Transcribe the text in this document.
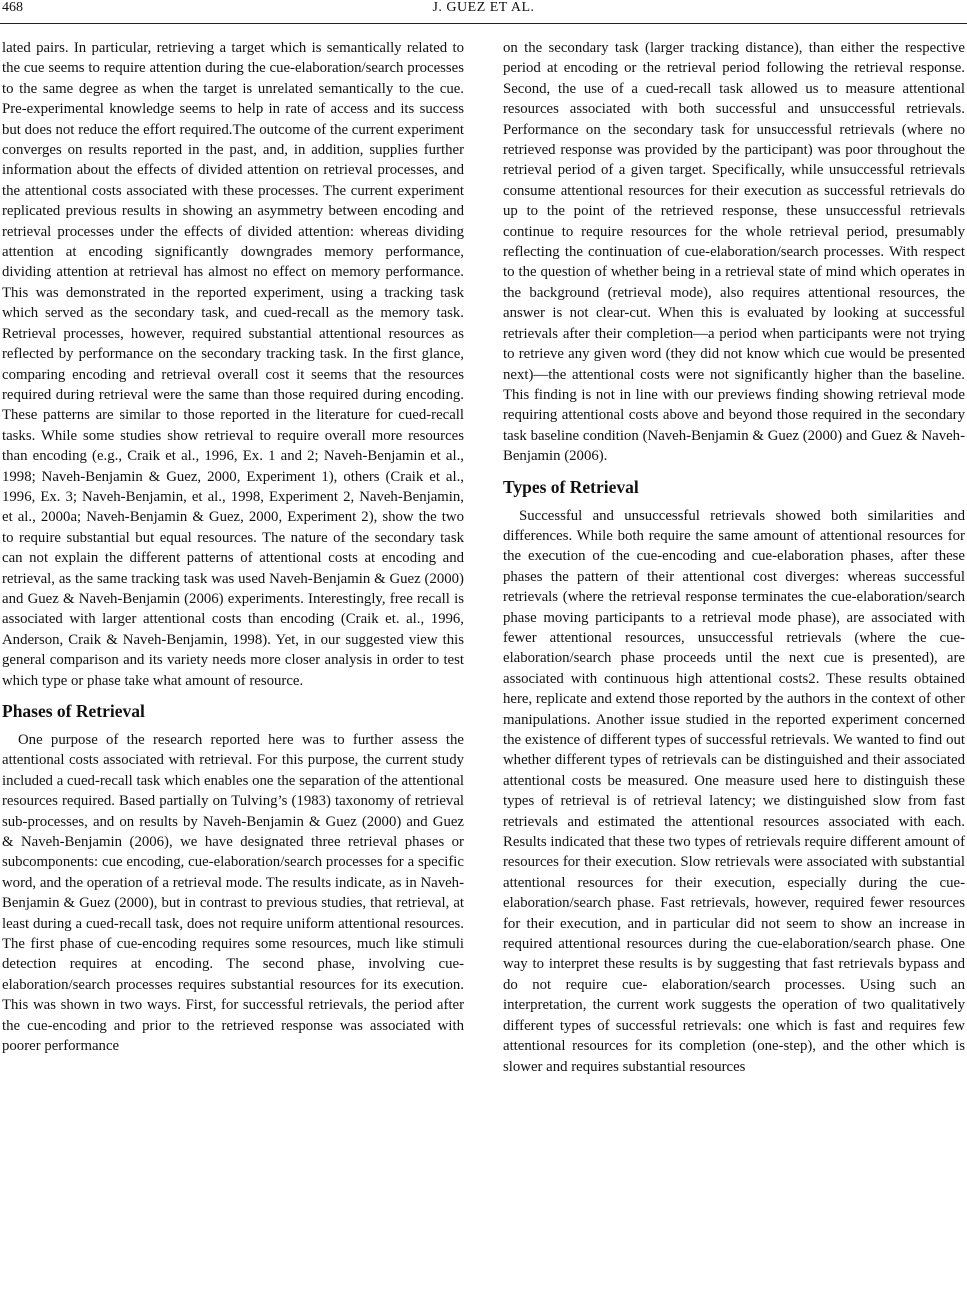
468	J. GUEZ ET AL.

lated pairs. In particular, retrieving a target which is semantically related to the cue seems to require attention during the cue-elaboration/search processes to the same degree as when the target is unrelated semantically to the cue. Pre-experimental knowledge seems to help in rate of access and its success but does not reduce the effort required.The outcome of the current experiment converges on results reported in the past, and, in addition, supplies further information about the effects of divided attention on retrieval processes, and the attentional costs associated with these processes. The current experiment replicated previous results in showing an asymmetry between encoding and retrieval processes under the effects of divided attention: whereas dividing attention at encoding significantly downgrades memory performance, dividing attention at retrieval has almost no effect on memory performance. This was demonstrated in the reported experiment, using a tracking task which served as the secondary task, and cued-recall as the memory task. Retrieval processes, however, required substantial attentional resources as reflected by performance on the secondary tracking task. In the first glance, comparing encoding and retrieval overall cost it seems that the resources required during retrieval were the same than those required during encoding. These patterns are similar to those reported in the literature for cued-recall tasks. While some studies show retrieval to require overall more resources than encoding (e.g., Craik et al., 1996, Ex. 1 and 2; Naveh-Benjamin et al., 1998; Naveh-Benjamin & Guez, 2000, Experiment 1), others (Craik et al., 1996, Ex. 3; Naveh-Benjamin, et al., 1998, Experiment 2, Naveh-Benjamin, et al., 2000a; Naveh-Benjamin & Guez, 2000, Experiment 2), show the two to require substantial but equal resources. The nature of the secondary task can not explain the different patterns of attentional costs at encoding and retrieval, as the same tracking task was used Naveh-Benjamin & Guez (2000) and Guez & Naveh-Benjamin (2006) experiments. Interestingly, free recall is associated with larger attentional costs than encoding (Craik et. al., 1996, Anderson, Craik & Naveh-Benjamin, 1998). Yet, in our suggested view this general comparison and its variety needs more closer analysis in order to test which type or phase take what amount of resource.

Phases of Retrieval

One purpose of the research reported here was to further assess the attentional costs associated with retrieval. For this purpose, the current study included a cued-recall task which enables one the separation of the attentional resources required. Based partially on Tulving’s (1983) taxonomy of retrieval sub-processes, and on results by Naveh-Benjamin & Guez (2000) and Guez & Naveh-Benjamin (2006), we have designated three retrieval phases or subcomponents: cue encoding, cue-elaboration/search processes for a specific word, and the operation of a retrieval mode. The results indicate, as in Naveh-Benjamin & Guez (2000), but in contrast to previous studies, that retrieval, at least during a cued-recall task, does not require uniform attentional resources. The first phase of cue-encoding requires some resources, much like stimuli detection requires at encoding. The second phase, involving cue-elaboration/search processes requires substantial resources for its execution. This was shown in two ways. First, for successful retrievals, the period after the cue-encoding and prior to the retrieved response was associated with poorer performance

on the secondary task (larger tracking distance), than either the respective period at encoding or the retrieval period following the retrieval response. Second, the use of a cued-recall task allowed us to measure attentional resources associated with both successful and unsuccessful retrievals. Performance on the secondary task for unsuccessful retrievals (where no retrieved response was provided by the participant) was poor throughout the retrieval period of a given target. Specifically, while unsuccessful retrievals consume attentional resources for their execution as successful retrievals do up to the point of the retrieved response, these unsuccessful retrievals continue to require resources for the whole retrieval period, presumably reflecting the continuation of cue-elaboration/search processes. With respect to the question of whether being in a retrieval state of mind which operates in the background (retrieval mode), also requires attentional resources, the answer is not clear-cut. When this is evaluated by looking at successful retrievals after their completion—a period when participants were not trying to retrieve any given word (they did not know which cue would be presented next)—the attentional costs were not significantly higher than the baseline. This finding is not in line with our previews finding showing retrieval mode requiring attentional costs above and beyond those required in the secondary task baseline condition (Naveh-Benjamin & Guez (2000) and Guez & Naveh-Benjamin (2006).

Types of Retrieval

Successful and unsuccessful retrievals showed both similarities and differences. While both require the same amount of attentional resources for the execution of the cue-encoding and cue-elaboration phases, after these phases the pattern of their attentional cost diverges: whereas successful retrievals (where the retrieval response terminates the cue-elaboration/search phase moving participants to a retrieval mode phase), are associated with fewer attentional resources, unsuccessful retrievals (where the cue-elaboration/search phase proceeds until the next cue is presented), are associated with continuous high attentional costs2. These results obtained here, replicate and extend those reported by the authors in the context of other manipulations. Another issue studied in the reported experiment concerned the existence of different types of successful retrievals. We wanted to find out whether different types of retrievals can be distinguished and their associated attentional costs be measured. One measure used here to distinguish these types of retrieval is of retrieval latency; we distinguished slow from fast retrievals and estimated the attentional resources associated with each. Results indicated that these two types of retrievals require different amount of resources for their execution. Slow retrievals were associated with substantial attentional resources for their execution, especially during the cue-elaboration/search phase. Fast retrievals, however, required fewer resources for their execution, and in particular did not seem to show an increase in required attentional resources during the cue-elaboration/search phase. One way to interpret these results is by suggesting that fast retrievals bypass and do not require cue- elaboration/search processes. Using such an interpretation, the current work suggests the operation of two qualitatively different types of successful retrievals: one which is fast and requires few attentional resources for its completion (one-step), and the other which is slower and requires substantial resources
